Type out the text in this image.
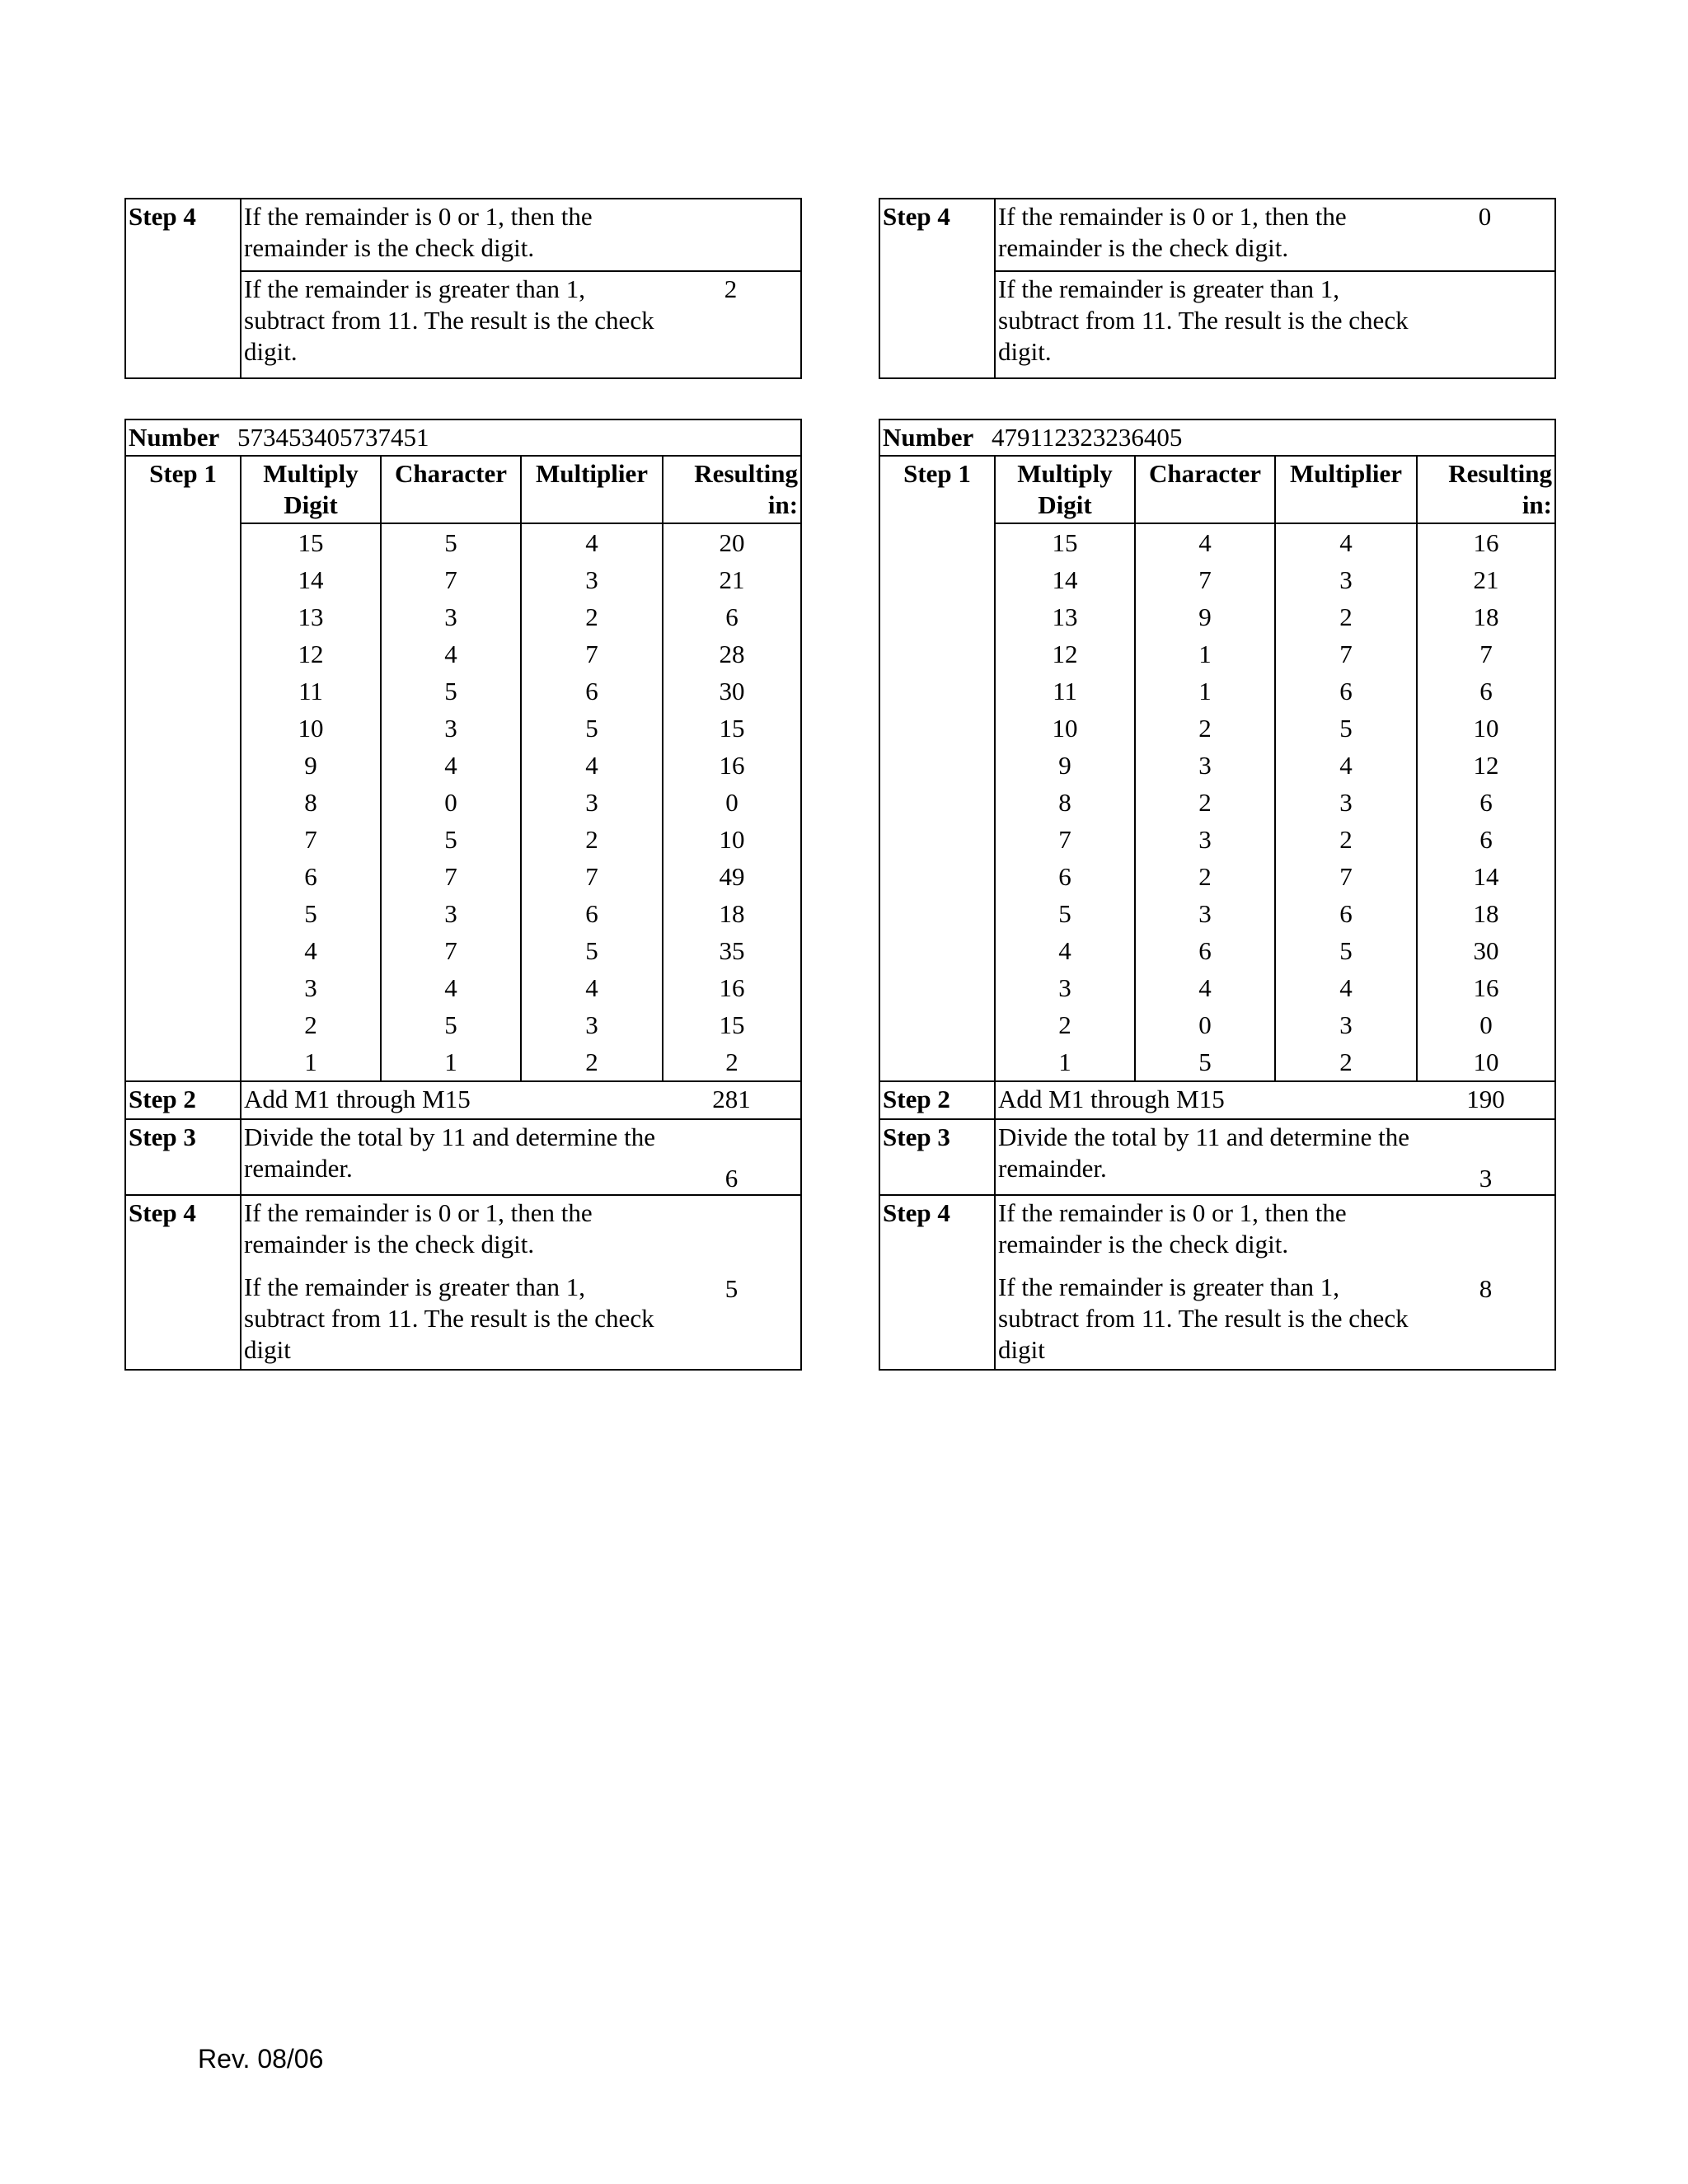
Step 4	If the remainder is 0 or 1, then the remainder is the check digit.	
	If the remainder is greater than 1, subtract from 11. The result is the check digit.	2
Step 4	If the remainder is 0 or 1, then the remainder is the check digit.	0
	If the remainder is greater than 1, subtract from 11. The result is the check digit.	
Number 573453405737451				
Step 1	Multiply Digit	Character	Multiplier	Resulting in:
	15	5	4	20
	14	7	3	21
	13	3	2	6
	12	4	7	28
	11	5	6	30
	10	3	5	15
	9	4	4	16
	8	0	3	0
	7	5	2	10
	6	7	7	49
	5	3	6	18
	4	7	5	35
	3	4	4	16
	2	5	3	15
	1	1	2	2
Step 2	Add M1 through M15			281
Step 3	Divide the total by 11 and determine the remainder.			6
Step 4	If the remainder is 0 or 1, then the remainder is the check digit.
If the remainder is greater than 1, subtract from 11. The result is the check digit			5
Number 479112323236405				
Step 1	Multiply Digit	Character	Multiplier	Resulting in:
	15	4	4	16
	14	7	3	21
	13	9	2	18
	12	1	7	7
	11	1	6	6
	10	2	5	10
	9	3	4	12
	8	2	3	6
	7	3	2	6
	6	2	7	14
	5	3	6	18
	4	6	5	30
	3	4	4	16
	2	0	3	0
	1	5	2	10
Step 2	Add M1 through M15			190
Step 3	Divide the total by 11 and determine the remainder.			3
Step 4	If the remainder is 0 or 1, then the remainder is the check digit.
If the remainder is greater than 1, subtract from 11. The result is the check digit			8
Rev. 08/06
